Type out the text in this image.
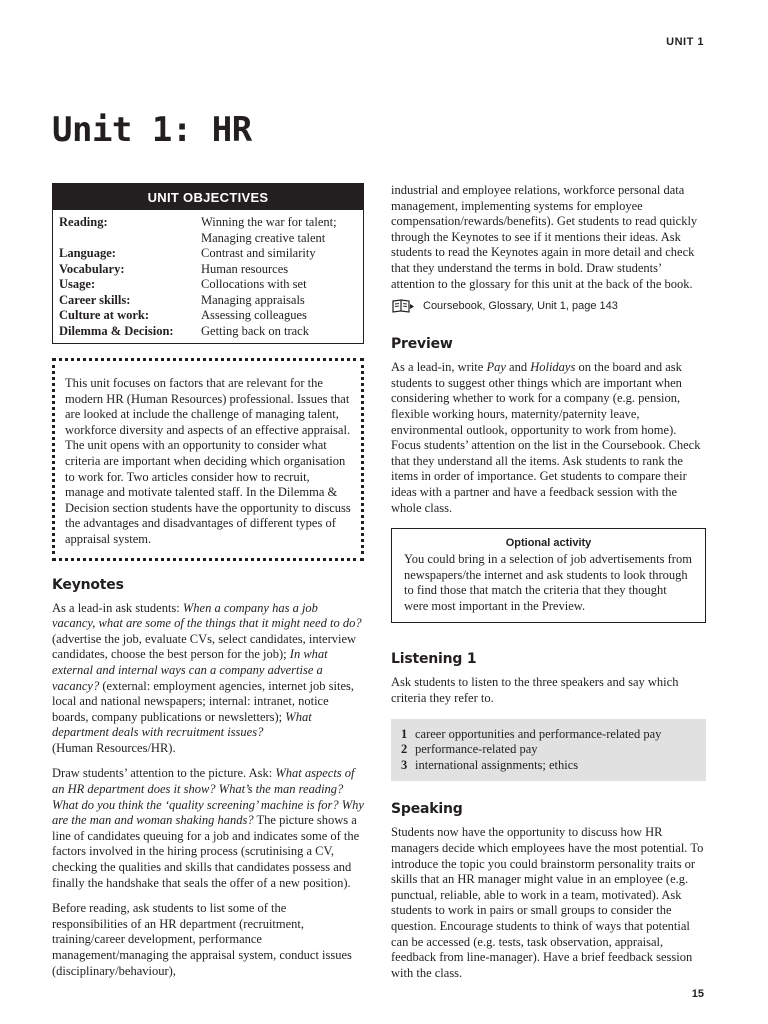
UNIT 1
Unit 1: HR
UNIT OBJECTIVES
Reading:	Winning the war for talent; Managing creative talent
Language:	Contrast and similarity
Vocabulary:	Human resources
Usage:	Collocations with set
Career skills:	Managing appraisals
Culture at work:	Assessing colleagues
Dilemma & Decision:	Getting back on track
This unit focuses on factors that are relevant for the modern HR (Human Resources) professional. Issues that are looked at include the challenge of managing talent, workforce diversity and aspects of an effective appraisal. The unit opens with an opportunity to consider what criteria are important when deciding which organisation to work for. Two articles consider how to recruit, manage and motivate talented staff. In the Dilemma & Decision section students have the opportunity to discuss the advantages and disadvantages of different types of appraisal system.
Keynotes

As a lead-in ask students: When a company has a job vacancy, what are some of the things that it might need to do? (advertise the job, evaluate CVs, select candidates, interview candidates, choose the best person for the job); In what external and internal ways can a company advertise a vacancy? (external: employment agencies, internet job sites, local and national newspapers; internal: intranet, notice boards, company publications or newsletters); What department deals with recruitment issues?
(Human Resources/HR).

Draw students’ attention to the picture. Ask: What aspects of an HR department does it show? What’s the man reading? What do you think the ‘quality screening’ machine is for? Why are the man and woman shaking hands? The picture shows a line of candidates queuing for a job and indicates some of the factors involved in the hiring process (scrutinising a CV, checking the qualities and skills that candidates possess and finally the handshake that seals the offer of a new position).

Before reading, ask students to list some of the responsibilities of an HR department (recruitment, training/career development, performance management/managing the appraisal system, conduct issues (disciplinary/behaviour),

industrial and employee relations, workforce personal data management, implementing systems for employee compensation/rewards/benefits). Get students to read quickly through the Keynotes to see if it mentions their ideas. Ask students to read the Keynotes again in more detail and check that they understand the terms in bold. Draw students’ attention to the glossary for this unit at the back of the book.

Coursebook, Glossary, Unit 1, page 143
Preview

As a lead-in, write Pay and Holidays on the board and ask students to suggest other things which are important when considering whether to work for a company (e.g. pension, flexible working hours, maternity/paternity leave, environmental outlook, opportunity to work from home). Focus students’ attention on the list in the Coursebook. Check that they understand all the items. Ask students to rank the items in order of importance. Get students to compare their ideas with a partner and have a feedback session with the whole class.

Optional activity
You could bring in a selection of job advertisements from newspapers/the internet and ask students to look through to find those that match the criteria that they thought were most important in the Preview.
Listening 1

Ask students to listen to the three speakers and say which criteria they refer to.

1 career opportunities and performance-related pay
2 performance-related pay
3 international assignments; ethics
Speaking

Students now have the opportunity to discuss how HR managers decide which employees have the most potential. To introduce the topic you could brainstorm personality traits or skills that an HR manager might value in an employee (e.g. punctual, reliable, able to work in a team, motivated). Ask students to work in pairs or small groups to consider the question. Encourage students to think of ways that potential can be accessed (e.g. tests, task observation, appraisal, feedback from line-manager). Have a brief feedback session with the class.

15
